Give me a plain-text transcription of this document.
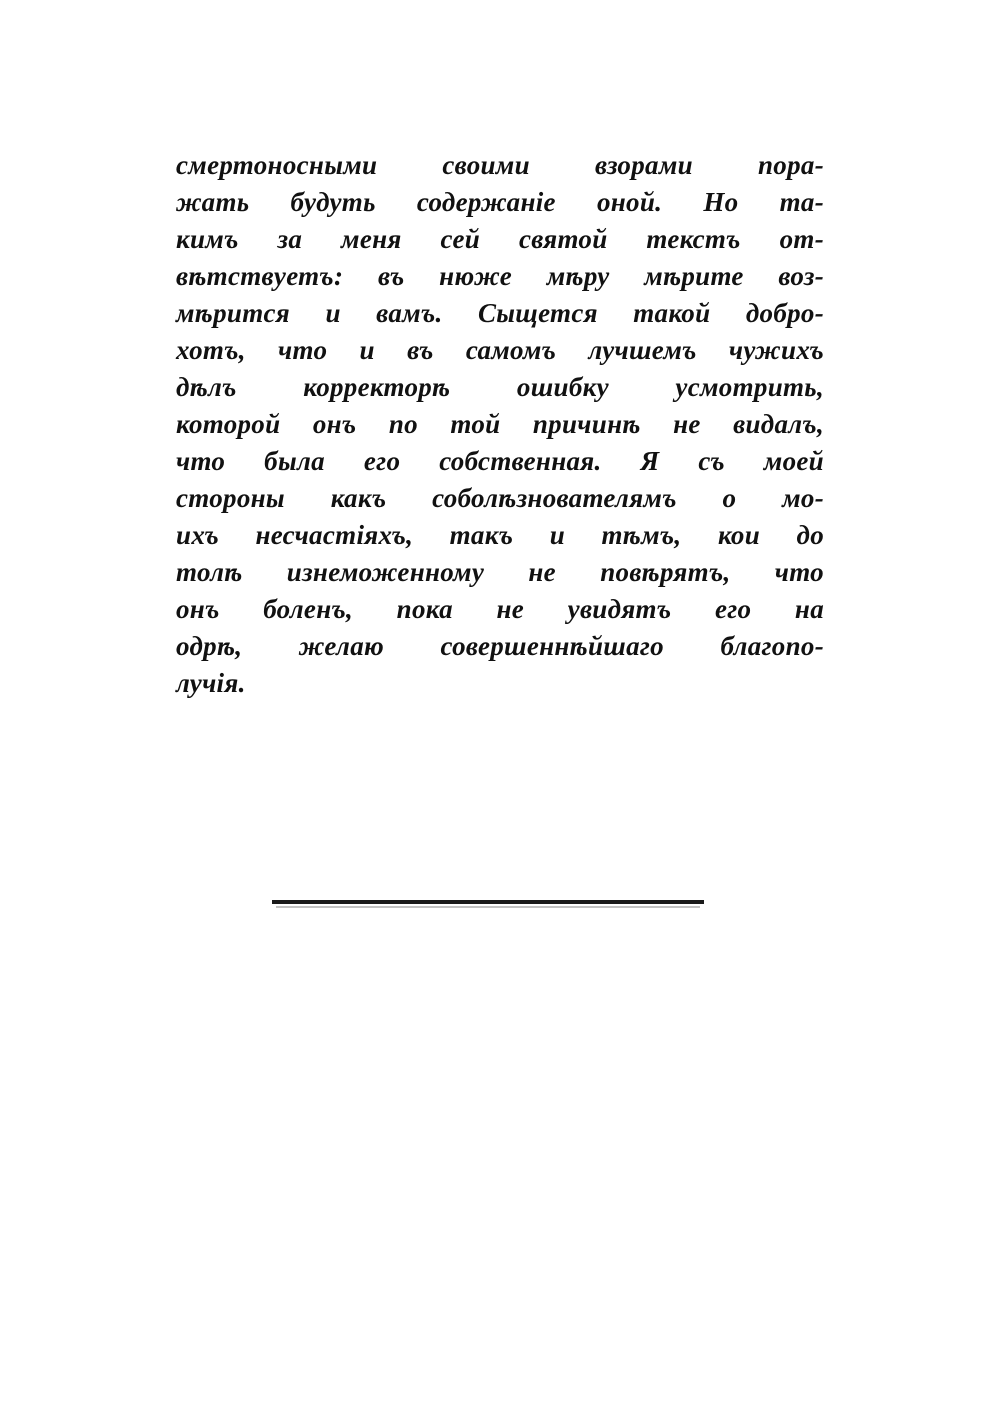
смертоносными своими взорами пора-
жать будуть содержаніе оной. Но та-
кимъ за меня сей святой текстъ от-
вѣтствуетъ: въ нюже мѣру мѣрите воз-
мѣрится и вамъ. Сыщется такой добро-
хотъ, что и въ самомъ лучшемъ чужихъ
дѣлъ корректорѣ ошибку усмотрить,
которой онъ по той причинѣ не видалъ,
что была его собственная. Я съ моей
стороны какъ соболѣзнователямъ о мо-
ихъ несчастіяхъ, такъ и тѣмъ, кои до
толѣ изнеможенному не повѣрятъ, что
онъ боленъ, пока не увидятъ его на
одрѣ, желаю совершеннѣйшаго благопо-
лучія.
